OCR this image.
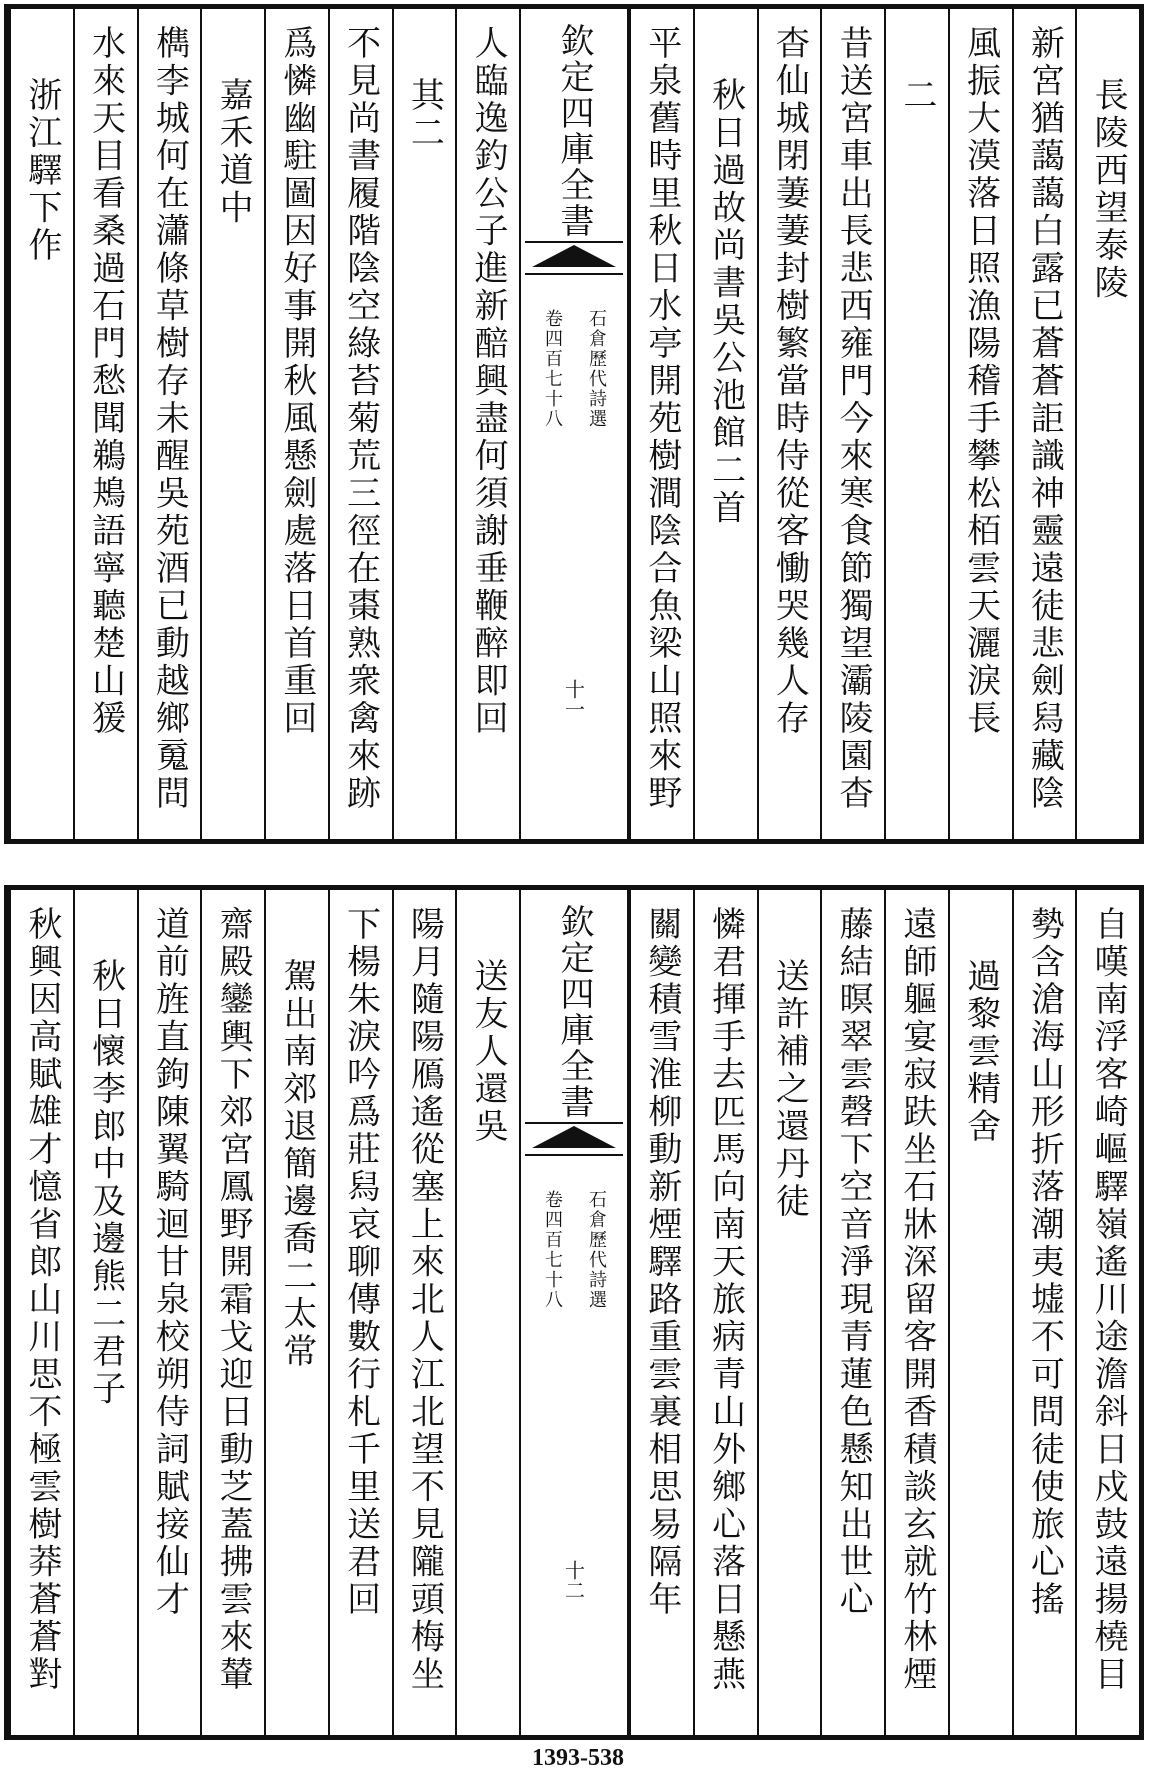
長陵西望泰陵
新宮猶藹藹白露已蒼蒼詎識神靈遠徒悲劍舄藏陰
風振大漠落日照漁陽稽手攀松栢雲天灑淚長
二
昔送宮車出長悲西雍門今來寒食節獨望灞陵園杳
杳仙城閉萋萋封樹繁當時侍從客慟哭幾人存
秋日過故尚書吳公池館二首
平泉舊時里秋日水亭開苑樹澗陰合魚梁山照來野
欽定四庫全書
石倉歷代詩選
卷四百七十八
十一
人臨逸釣公子進新醅興盡何須謝垂鞭醉即回
其二
不見尚書履階陰空綠苔菊荒三徑在棗熟衆禽來跡
爲憐幽駐圖因好事開秋風懸劍處落日首重回
嘉禾道中
檇李城何在瀟條草樹存未醒吳苑酒已動越鄉䰟問
水來天目看桑過石門愁聞鵜鴂語寧聽楚山猨
浙江驛下作
自嘆南浮客崎嶇驛嶺遙川途澹斜日戍鼓遠揚橈目
勢含滄海山形折落潮夷墟不可問徒使旅心搖
過黎雲精舍
遠師軀宴寂趺坐石牀深留客開香積談玄就竹林煙
藤結暝翠雲磬下空音淨現青蓮色懸知出世心
送許補之還丹徒
憐君揮手去匹馬向南天旅病青山外鄉心落日懸燕
關變積雪淮柳動新煙驛路重雲裏相思易隔年
欽定四庫全書
石倉歷代詩選
卷四百七十八
十二
送友人還吳
陽月隨陽鴈遙從塞上來北人江北望不見隴頭梅坐
下楊朱淚吟爲莊舄哀聊傳數行札千里送君回
駕出南郊退簡邊喬二太常
齋殿鑾輿下郊宮鳳野開霜戈迎日動芝蓋拂雲來輦
道前旌直鉤陳翼騎迴甘泉校朔侍詞賦接仙才
秋日懷李郎中及邊熊二君子
秋興因高賦雄才憶省郎山川思不極雲樹莽蒼蒼對
1393-538
